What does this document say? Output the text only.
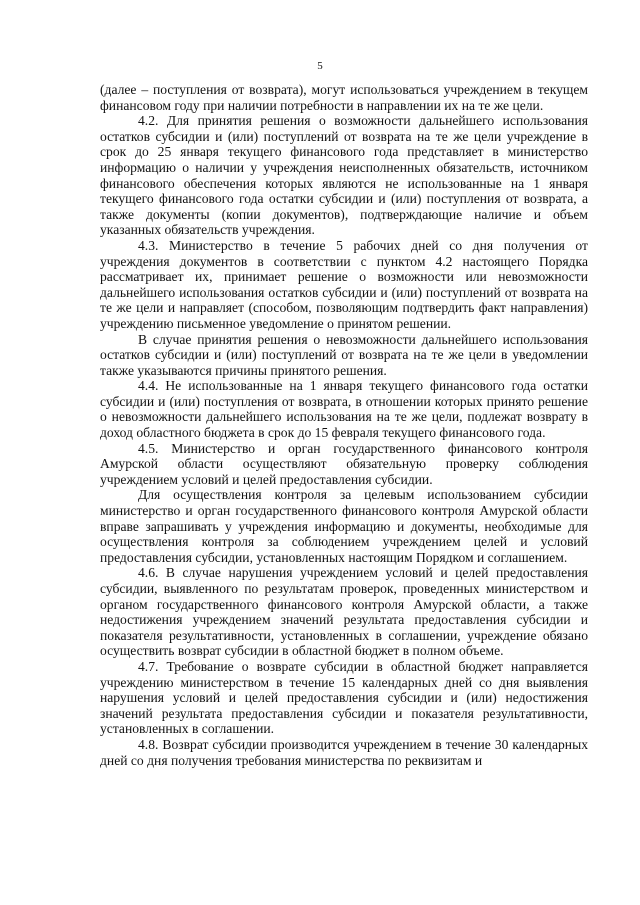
5

(далее – поступления от возврата), могут использоваться учреждением в текущем финансовом году при наличии потребности в направлении их на те же цели.

4.2. Для принятия решения о возможности дальнейшего использования остатков субсидии и (или) поступлений от возврата на те же цели учреждение в срок до 25 января текущего финансового года представляет в министерство информацию о наличии у учреждения неисполненных обязательств, источником финансового обеспечения которых являются не использованные на 1 января текущего финансового года остатки субсидии и (или) поступления от возврата, а также документы (копии документов), подтверждающие наличие и объем указанных обязательств учреждения.

4.3. Министерство в течение 5 рабочих дней со дня получения от учреждения документов в соответствии с пунктом 4.2 настоящего Порядка рассматривает их, принимает решение о возможности или невозможности дальнейшего использования остатков субсидии и (или) поступлений от возврата на те же цели и направляет (способом, позволяющим подтвердить факт направления) учреждению письменное уведомление о принятом решении.

В случае принятия решения о невозможности дальнейшего использования остатков субсидии и (или) поступлений от возврата на те же цели в уведомлении также указываются причины принятого решения.

4.4. Не использованные на 1 января текущего финансового года остатки субсидии и (или) поступления от возврата, в отношении которых принято решение о невозможности дальнейшего использования на те же цели, подлежат возврату в доход областного бюджета в срок до 15 февраля текущего финансового года.

4.5. Министерство и орган государственного финансового контроля Амурской области осуществляют обязательную проверку соблюдения учреждением условий и целей предоставления субсидии.

Для осуществления контроля за целевым использованием субсидии министерство и орган государственного финансового контроля Амурской области вправе запрашивать у учреждения информацию и документы, необходимые для осуществления контроля за соблюдением учреждением целей и условий предоставления субсидии, установленных настоящим Порядком и соглашением.

4.6. В случае нарушения учреждением условий и целей предоставления субсидии, выявленного по результатам проверок, проведенных министерством и органом государственного финансового контроля Амурской области, а также недостижения учреждением значений результата предоставления субсидии и показателя результативности, установленных в соглашении, учреждение обязано осуществить возврат субсидии в областной бюджет в полном объеме.

4.7. Требование о возврате субсидии в областной бюджет направляется учреждению министерством в течение 15 календарных дней со дня выявления нарушения условий и целей предоставления субсидии и (или) недостижения значений результата предоставления субсидии и показателя результативности, установленных в соглашении.

4.8. Возврат субсидии производится учреждением в течение 30 календарных дней со дня получения требования министерства по реквизитам и
